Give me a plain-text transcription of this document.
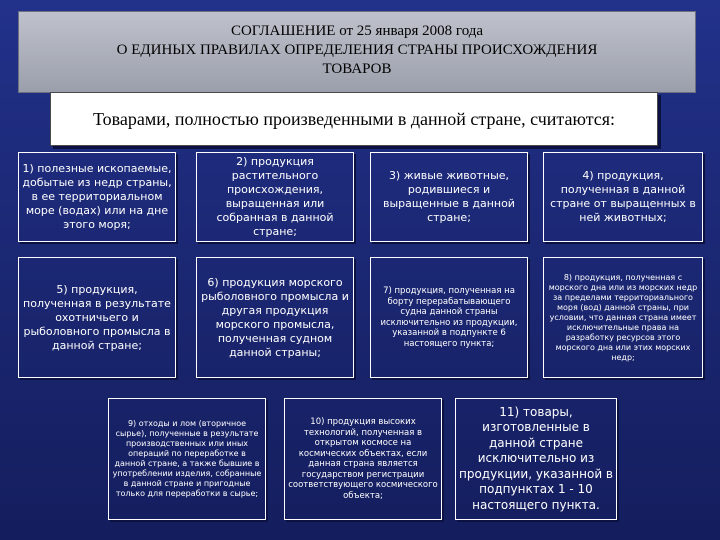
СОГЛАШЕНИЕ от 25 января 2008 года
О ЕДИНЫХ ПРАВИЛАХ ОПРЕДЕЛЕНИЯ СТРАНЫ ПРОИСХОЖДЕНИЯ
ТОВАРОВ
Товарами, полностью произведенными в данной стране, считаются:
1) полезные ископаемые, добытые из недр страны, в ее территориальном море (водах) или на дне этого моря;
2) продукция растительного происхождения, выращенная или собранная в данной стране;
3) живые животные, родившиеся и выращенные в данной стране;
4) продукция, полученная в данной стране от выращенных в ней животных;
5) продукция, полученная в результате охотничьего и рыболовного промысла в данной стране;
6) продукция морского рыболовного промысла и другая продукция морского промысла, полученная судном данной страны;
7) продукция, полученная на борту перерабатывающего судна данной страны исключительно из продукции, указанной в подпункте 6 настоящего пункта;
8) продукция, полученная с морского дна или из морских недр за пределами территориального моря (вод) данной страны, при условии, что данная страна имеет исключительные права на разработку ресурсов этого морского дна или этих морских недр;
9) отходы и лом (вторичное сырье), полученные в результате производственных или иных операций по переработке в данной стране, а также бывшие в употреблении изделия, собранные в данной стране и пригодные только для переработки в сырье;
10) продукция высоких технологий, полученная в открытом космосе на космических объектах, если данная страна является государством регистрации соответствующего космического объекта;
11) товары, изготовленные в данной стране исключительно из продукции, указанной в подпунктах 1 - 10 настоящего пункта.
